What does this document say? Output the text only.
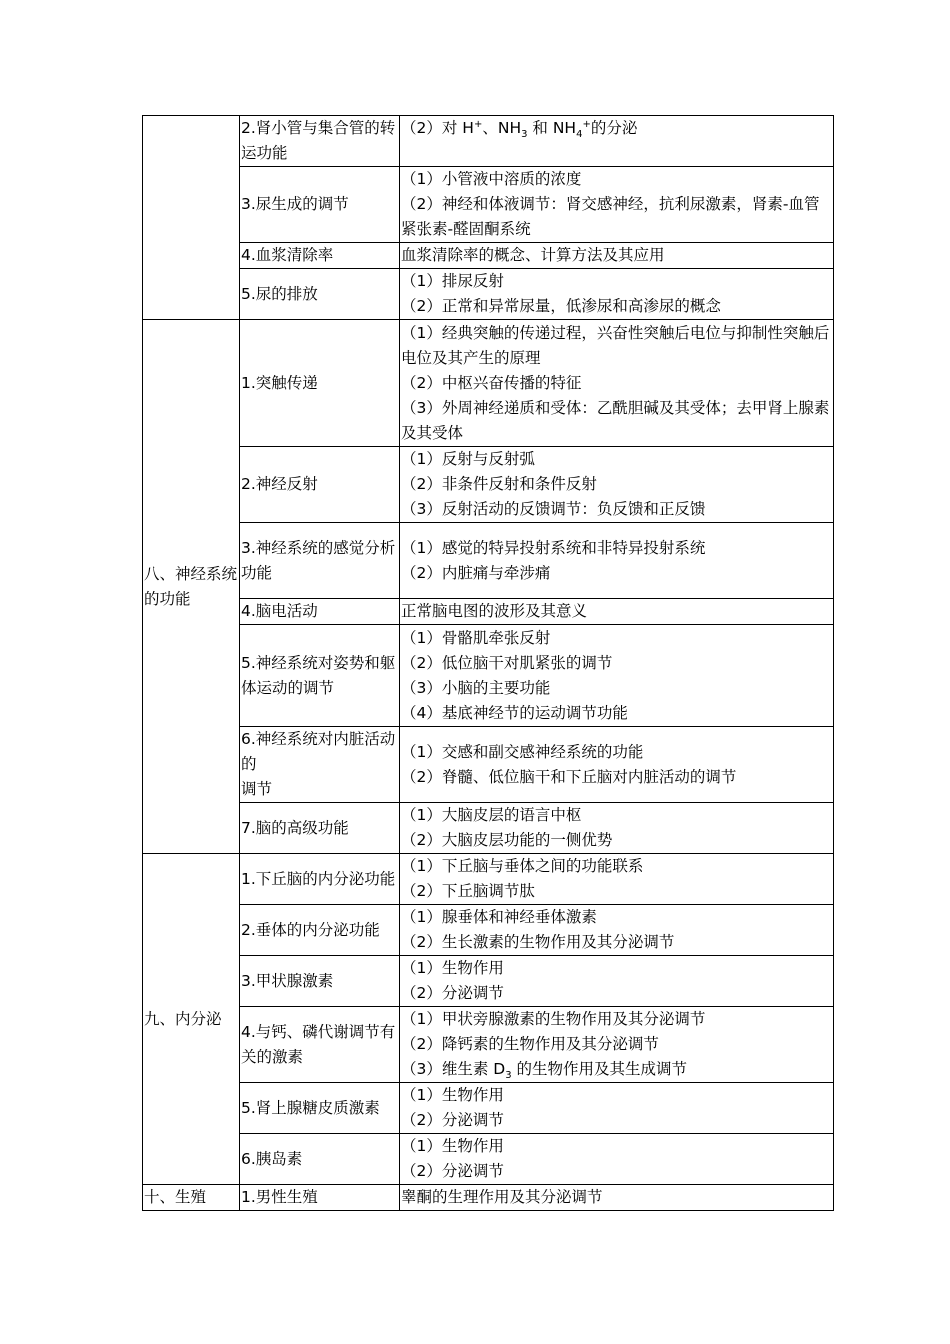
	2.肾小管与集合管的转运功能	（2）对 H+、$NH_3$ 和 $NH_4^+$的分泌
	3.尿生成的调节	（1）小管液中溶质的浓度
（2）神经和体液调节：肾交感神经，抗利尿激素，肾素-血管紧张素-醛固酮系统

	4.血浆清除率	血浆清除率的概念、计算方法及其应用
	5.尿的排放	（1）排尿反射
（2）正常和异常尿量，低渗尿和高渗尿的概念

八、神经系统的功能	1.突触传递	（1）经典突触的传递过程，兴奋性突触后电位与抑制性突触后电位及其产生的原理
（2）中枢兴奋传播的特征
（3）外周神经递质和受体：乙酰胆碱及其受体；去甲肾上腺素及其受体

	2.神经反射	（1）反射与反射弧
（2）非条件反射和条件反射
（3）反射活动的反馈调节：负反馈和正反馈

	3.神经系统的感觉分析
功能	（1）感觉的特异投射系统和非特异投射系统
（2）内脏痛与牵涉痛

	4.脑电活动	正常脑电图的波形及其意义
	5.神经系统对姿势和躯体运动的调节	（1）骨骼肌牵张反射
（2）低位脑干对肌紧张的调节
（3）小脑的主要功能
（4）基底神经节的运动调节功能

	6.神经系统对内脏活动的
调节	（1）交感和副交感神经系统的功能
（2）脊髓、低位脑干和下丘脑对内脏活动的调节

	7.脑的高级功能	（1）大脑皮层的语言中枢
（2）大脑皮层功能的一侧优势

九、内分泌	1.下丘脑的内分泌功能	（1）下丘脑与垂体之间的功能联系
（2）下丘脑调节肽

	2.垂体的内分泌功能	（1）腺垂体和神经垂体激素
（2）生长激素的生物作用及其分泌调节

	3.甲状腺激素	（1）生物作用
（2）分泌调节

	4.与钙、磷代谢调节有关的激素	（1）甲状旁腺激素的生物作用及其分泌调节
（2）降钙素的生物作用及其分泌调节
（3）维生素 $D_3$ 的生物作用及其生成调节

	5.肾上腺糖皮质激素	（1）生物作用
（2）分泌调节

	6.胰岛素	（1）生物作用
（2）分泌调节

十、生殖	1.男性生殖	睾酮的生理作用及其分泌调节
